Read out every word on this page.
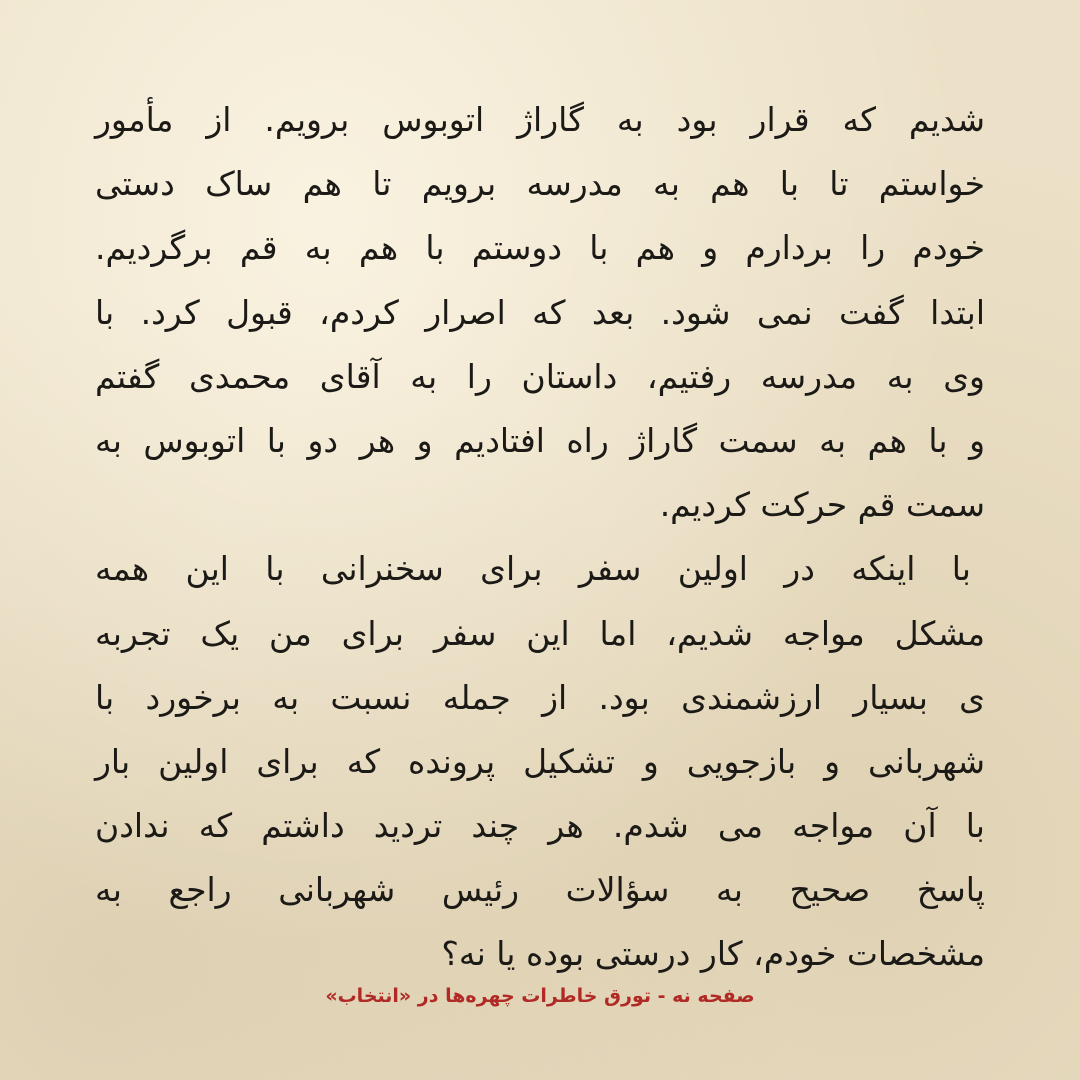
شدیم که قرار بود به گاراژ اتوبوس برویم. از مأمور
خواستم تا با هم به مدرسه برویم تا هم ساک دستی
خودم را بردارم و هم با دوستم با هم به قم برگردیم.
ابتدا گفت نمی شود. بعد که اصرار کردم، قبول کرد. با
وی به مدرسه رفتیم، داستان را به آقای محمدی گفتم
و با هم به سمت گاراژ راه افتادیم و هر دو با اتوبوس به
سمت قم حرکت کردیم.
با اینکه در اولین سفر برای سخنرانی با این همه
مشکل مواجه شدیم، اما این سفر برای من یک تجربه
ی بسیار ارزشمندی بود. از جمله نسبت به برخورد با
شهربانی و بازجویی و تشکیل پرونده که برای اولین بار
با آن مواجه می شدم. هر چند تردید داشتم که ندادن
پاسخ صحیح به سؤالات رئیس شهربانی راجع به
مشخصات خودم، کار درستی بوده یا نه؟
صفحه نه - تورق خاطرات چهره‌ها در «انتخاب»
